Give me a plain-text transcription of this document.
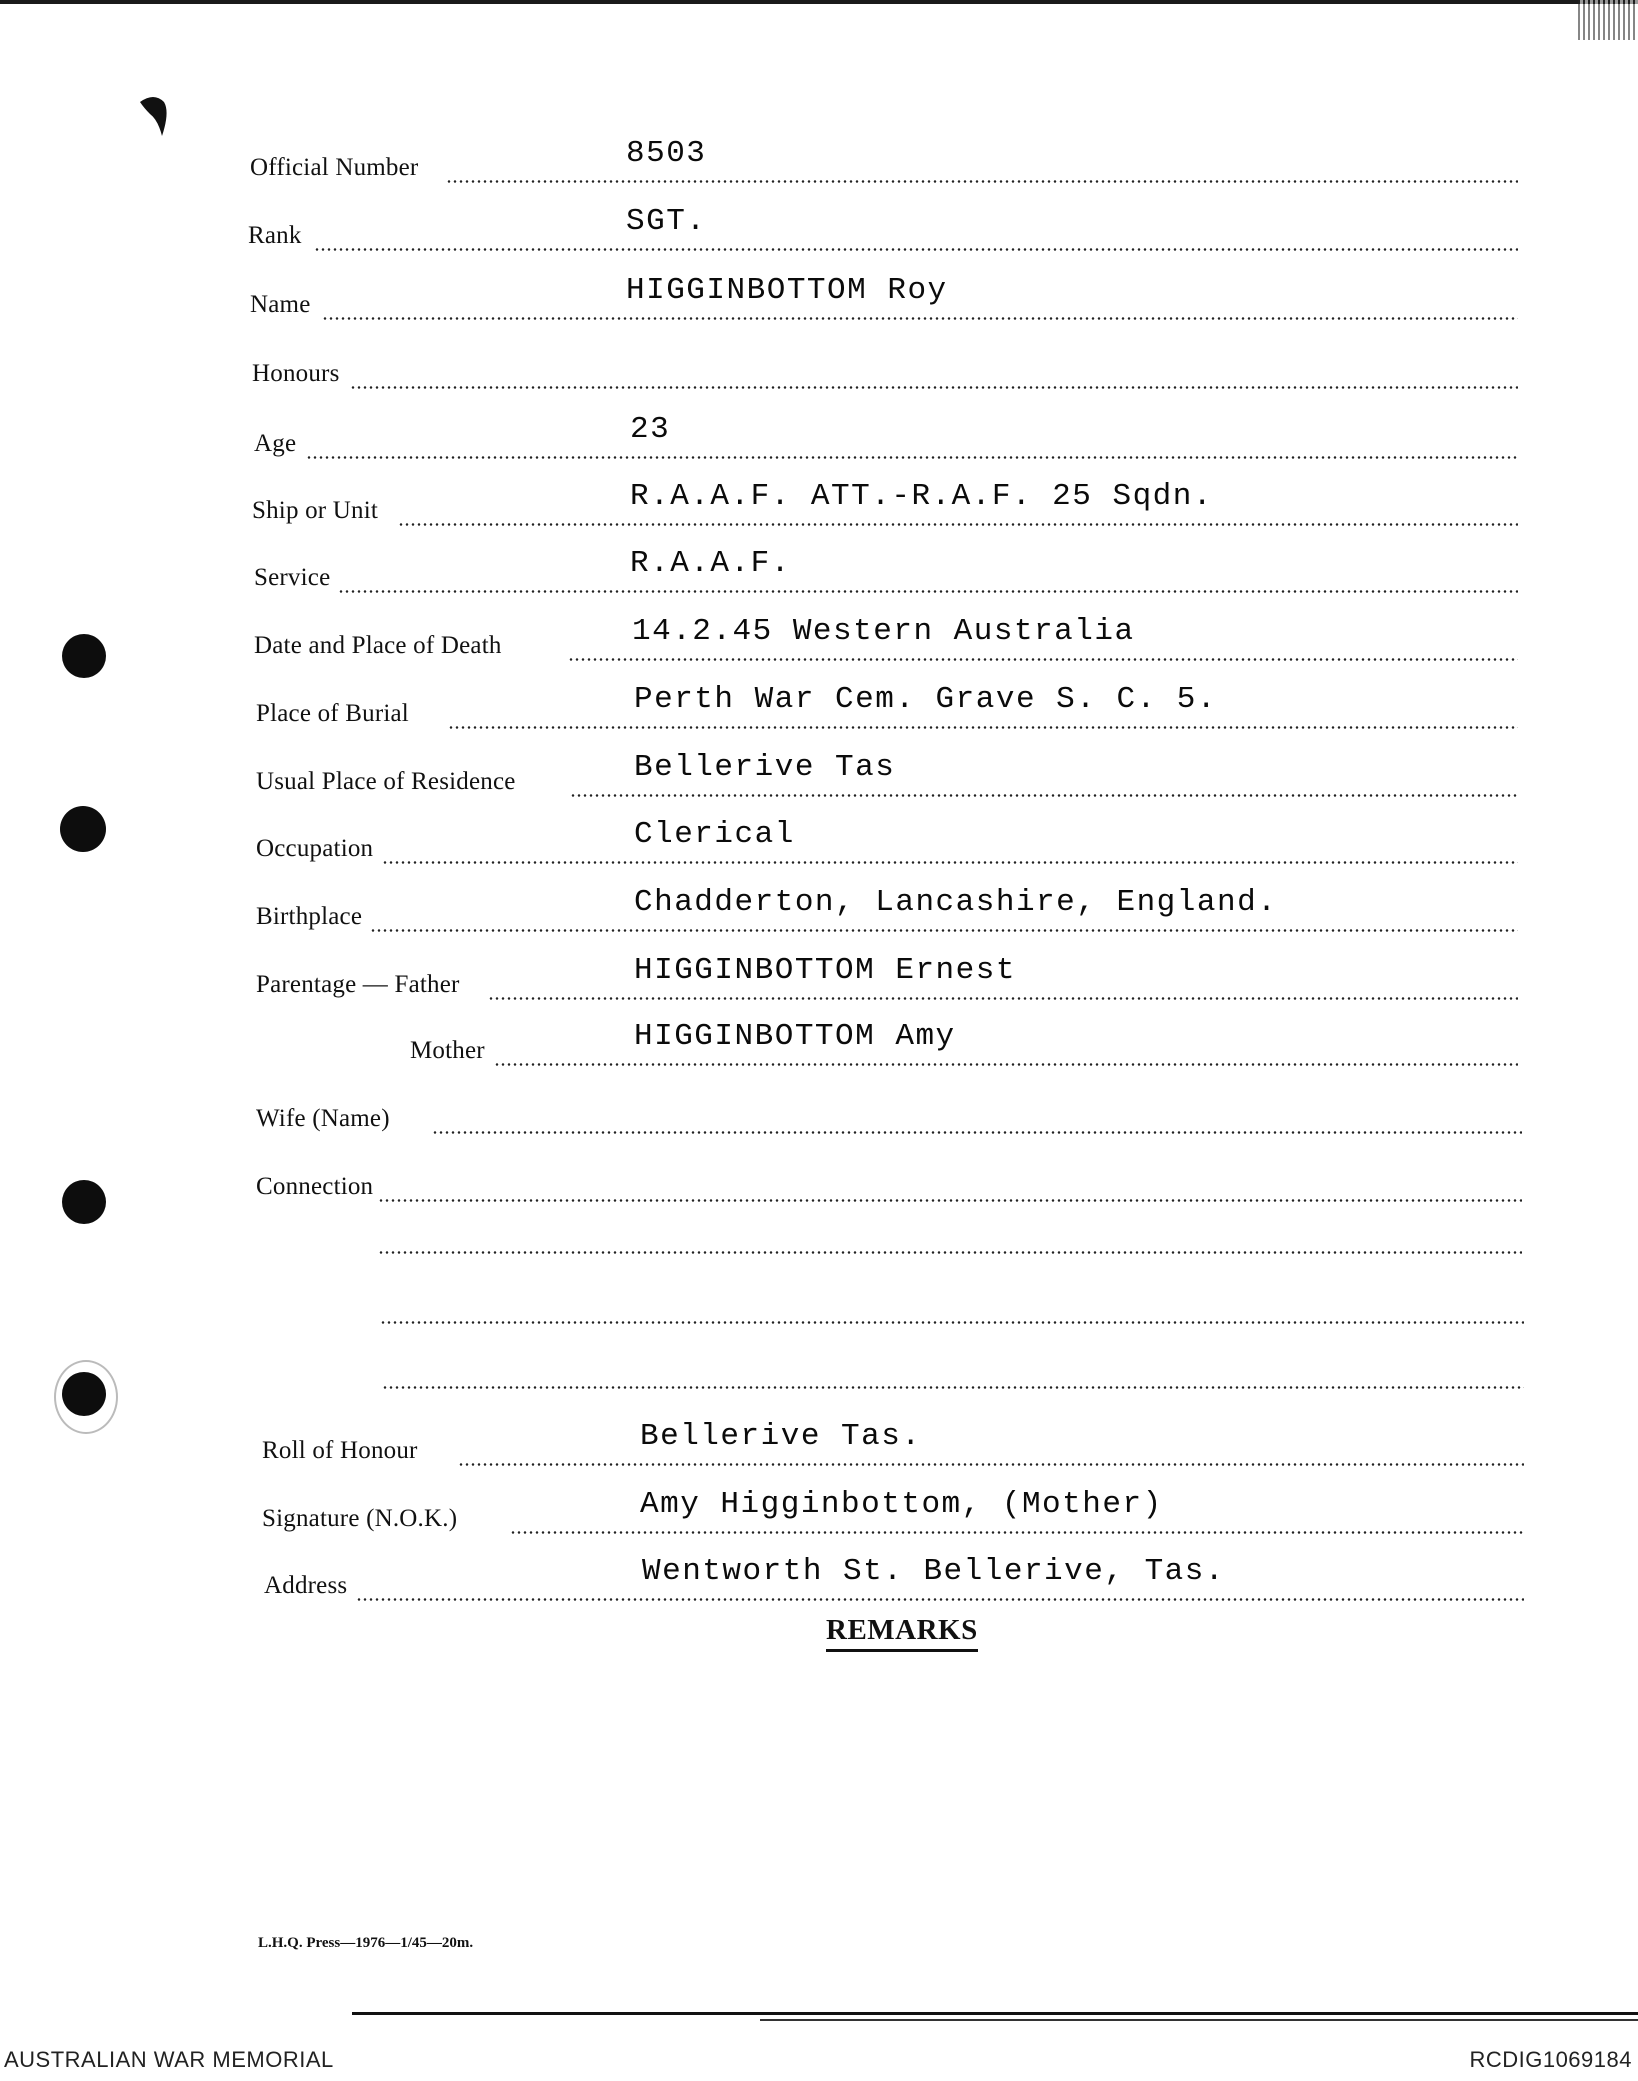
Official Number	8503
Rank	SGT.
Name	HIGGINBOTTOM Roy
Honours
Age	23
Ship or Unit	R.A.A.F. ATT.-R.A.F. 25 Sqdn.
Service	R.A.A.F.
Date and Place of Death	14.2.45 Western Australia
Place of Burial	Perth War Cem. Grave S. C. 5.
Usual Place of Residence	Bellerive Tas
Occupation	Clerical
Birthplace	Chadderton, Lancashire, England.
Parentage — Father	HIGGINBOTTOM Ernest
Mother	HIGGINBOTTOM Amy
Wife (Name)
Connection
Roll of Honour	Bellerive Tas.
Signature (N.O.K.)	Amy Higginbottom, (Mother)
Address	Wentworth St. Bellerive, Tas.
REMARKS
L.H.Q. Press—1976—1/45—20m.
AUSTRALIAN WAR MEMORIAL	RCDIG1069184
